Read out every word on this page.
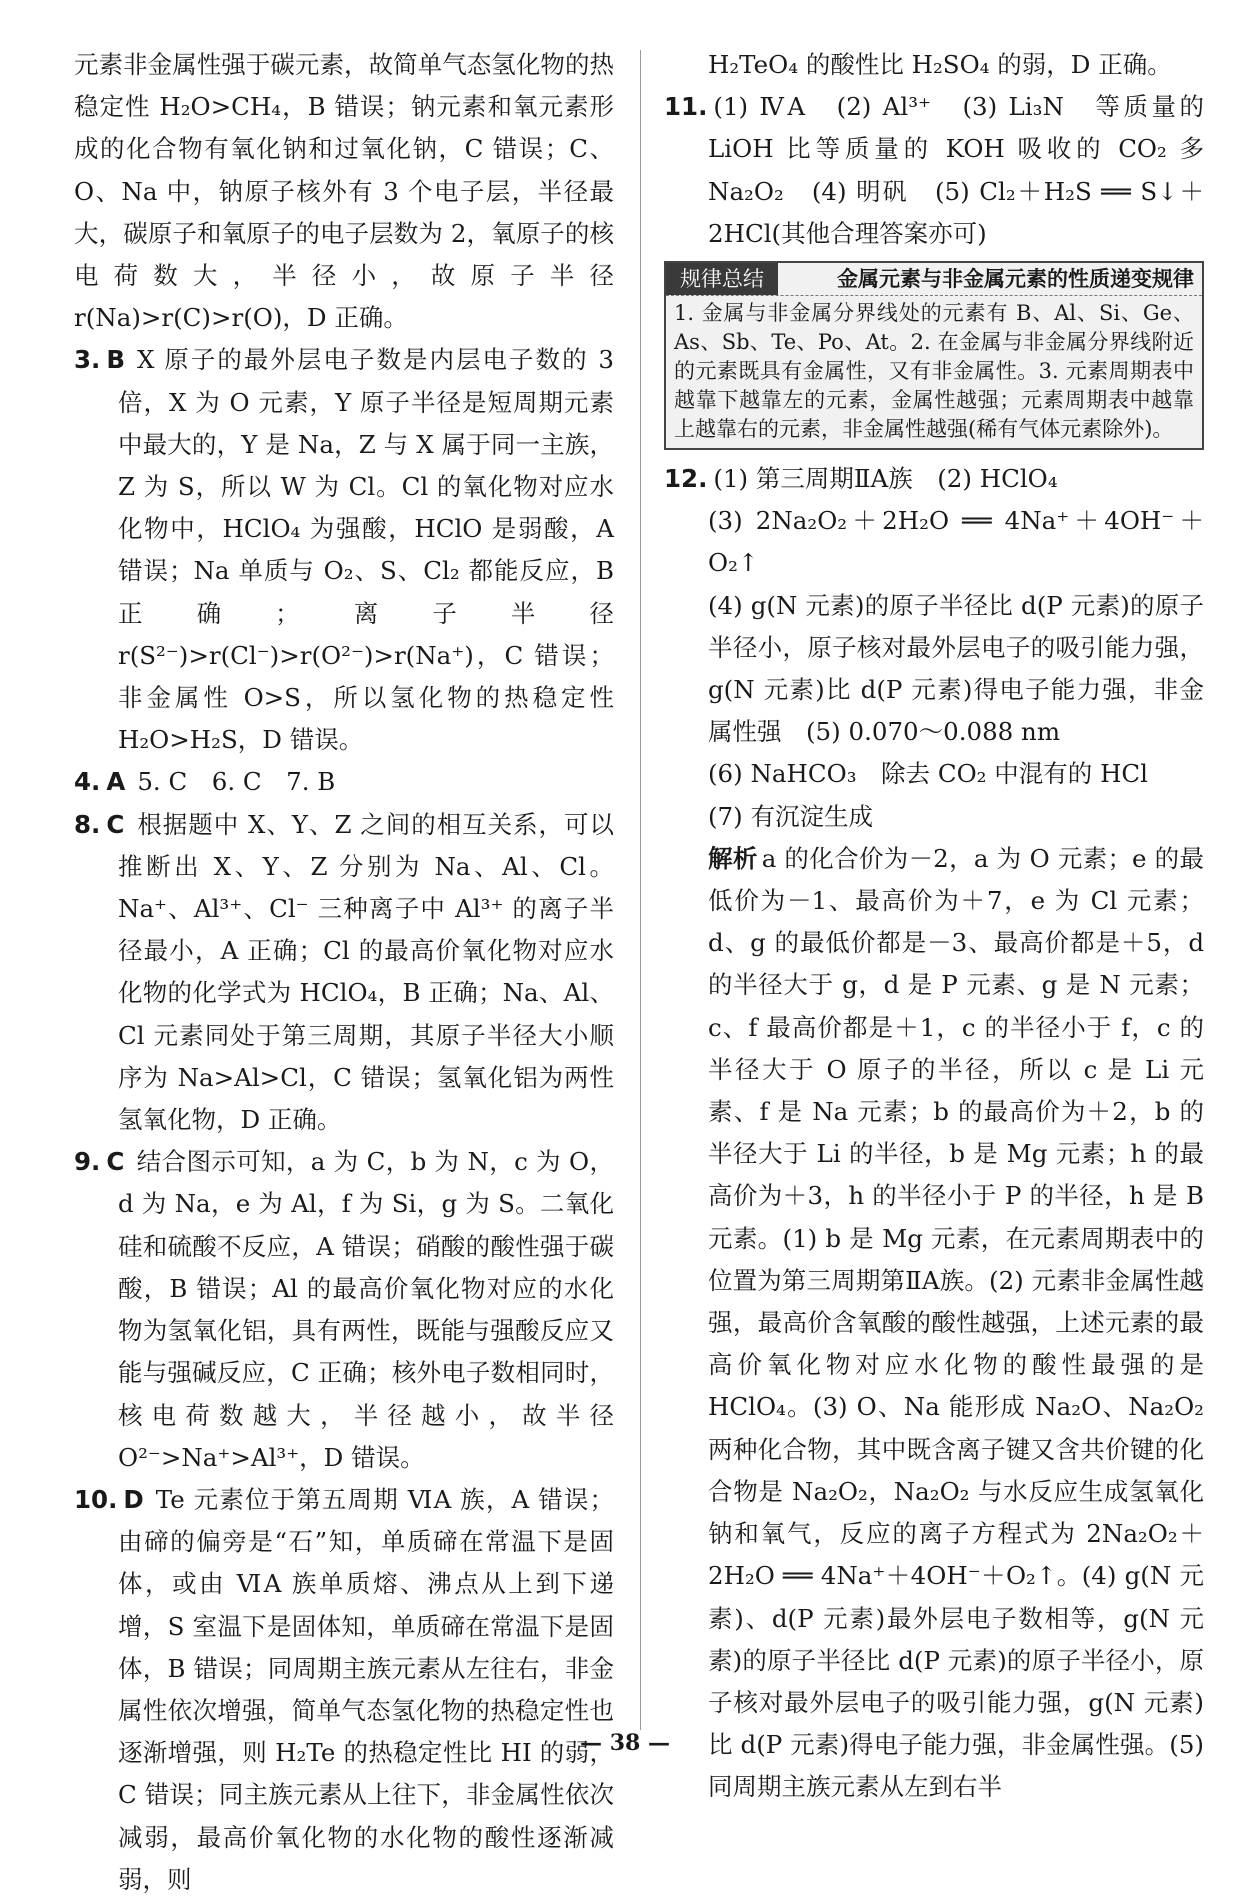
元素非金属性强于碳元素，故简单气态氢化物的热稳定性 H₂O>CH₄，B 错误；钠元素和氧元素形成的化合物有氧化钠和过氧化钠，C 错误；C、O、Na 中，钠原子核外有 3 个电子层，半径最大，碳原子和氧原子的电子层数为 2，氧原子的核电荷数大，半径小，故原子半径 r(Na)>r(C)>r(O)，D 正确。

3. B X 原子的最外层电子数是内层电子数的 3 倍，X 为 O 元素，Y 原子半径是短周期元素中最大的，Y 是 Na，Z 与 X 属于同一主族，Z 为 S，所以 W 为 Cl。Cl 的氧化物对应水化物中，HClO₄ 为强酸，HClO 是弱酸，A 错误；Na 单质与 O₂、S、Cl₂ 都能反应，B 正确；离子半径 r(S²⁻)>r(Cl⁻)>r(O²⁻)>r(Na⁺)，C 错误；非金属性 O>S，所以氢化物的热稳定性 H₂O>H₂S，D 错误。

4. A 5. C　6. C　7. B

8. C 根据题中 X、Y、Z 之间的相互关系，可以推断出 X、Y、Z 分别为 Na、Al、Cl。Na⁺、Al³⁺、Cl⁻ 三种离子中 Al³⁺ 的离子半径最小，A 正确；Cl 的最高价氧化物对应水化物的化学式为 HClO₄，B 正确；Na、Al、Cl 元素同处于第三周期，其原子半径大小顺序为 Na>Al>Cl，C 错误；氢氧化铝为两性氢氧化物，D 正确。

9. C 结合图示可知，a 为 C，b 为 N，c 为 O，d 为 Na，e 为 Al，f 为 Si，g 为 S。二氧化硅和硫酸不反应，A 错误；硝酸的酸性强于碳酸，B 错误；Al 的最高价氧化物对应的水化物为氢氧化铝，具有两性，既能与强酸反应又能与强碱反应，C 正确；核外电子数相同时，核电荷数越大，半径越小，故半径 O²⁻>Na⁺>Al³⁺，D 错误。

10. D Te 元素位于第五周期 ⅥA 族，A 错误；由碲的偏旁是“石”知，单质碲在常温下是固体，或由 ⅥA 族单质熔、沸点从上到下递增，S 室温下是固体知，单质碲在常温下是固体，B 错误；同周期主族元素从左往右，非金属性依次增强，简单气态氢化物的热稳定性也逐渐增强，则 H₂Te 的热稳定性比 HI 的弱，C 错误；同主族元素从上往下，非金属性依次减弱，最高价氧化物的水化物的酸性逐渐减弱，则

H₂TeO₄ 的酸性比 H₂SO₄ 的弱，D 正确。

11. (1) ⅣA　(2) Al³⁺　(3) Li₃N　等质量的 LiOH 比等质量的 KOH 吸收的 CO₂ 多　Na₂O₂　(4) 明矾　(5) Cl₂＋H₂S ══ S↓＋2HCl(其他合理答案亦可)

规律总结	金属元素与非金属元素的性质递变规律
1. 金属与非金属分界线处的元素有 B、Al、Si、Ge、As、Sb、Te、Po、At。2. 在金属与非金属分界线附近的元素既具有金属性，又有非金属性。3. 元素周期表中越靠下越靠左的元素，金属性越强；元素周期表中越靠上越靠右的元素，非金属性越强(稀有气体元素除外)。

12. (1) 第三周期ⅡA族　(2) HClO₄

(3) 2Na₂O₂＋2H₂O ══ 4Na⁺＋4OH⁻＋O₂↑

(4) g(N 元素)的原子半径比 d(P 元素)的原子半径小，原子核对最外层电子的吸引能力强，g(N 元素)比 d(P 元素)得电子能力强，非金属性强　(5) 0.070～0.088 nm

(6) NaHCO₃　除去 CO₂ 中混有的 HCl

(7) 有沉淀生成

解析 a 的化合价为－2，a 为 O 元素；e 的最低价为－1、最高价为＋7，e 为 Cl 元素；d、g 的最低价都是－3、最高价都是＋5，d 的半径大于 g，d 是 P 元素、g 是 N 元素；c、f 最高价都是＋1，c 的半径小于 f，c 的半径大于 O 原子的半径，所以 c 是 Li 元素、f 是 Na 元素；b 的最高价为＋2，b 的半径大于 Li 的半径，b 是 Mg 元素；h 的最高价为＋3，h 的半径小于 P 的半径，h 是 B 元素。(1) b 是 Mg 元素，在元素周期表中的位置为第三周期第ⅡA族。(2) 元素非金属性越强，最高价含氧酸的酸性越强，上述元素的最高价氧化物对应水化物的酸性最强的是 HClO₄。(3) O、Na 能形成 Na₂O、Na₂O₂ 两种化合物，其中既含离子键又含共价键的化合物是 Na₂O₂，Na₂O₂ 与水反应生成氢氧化钠和氧气，反应的离子方程式为 2Na₂O₂＋2H₂O ══ 4Na⁺＋4OH⁻＋O₂↑。(4) g(N 元素)、d(P 元素)最外层电子数相等，g(N 元素)的原子半径比 d(P 元素)的原子半径小，原子核对最外层电子的吸引能力强，g(N 元素)比 d(P 元素)得电子能力强，非金属性强。(5) 同周期主族元素从左到右半

— 38 —
